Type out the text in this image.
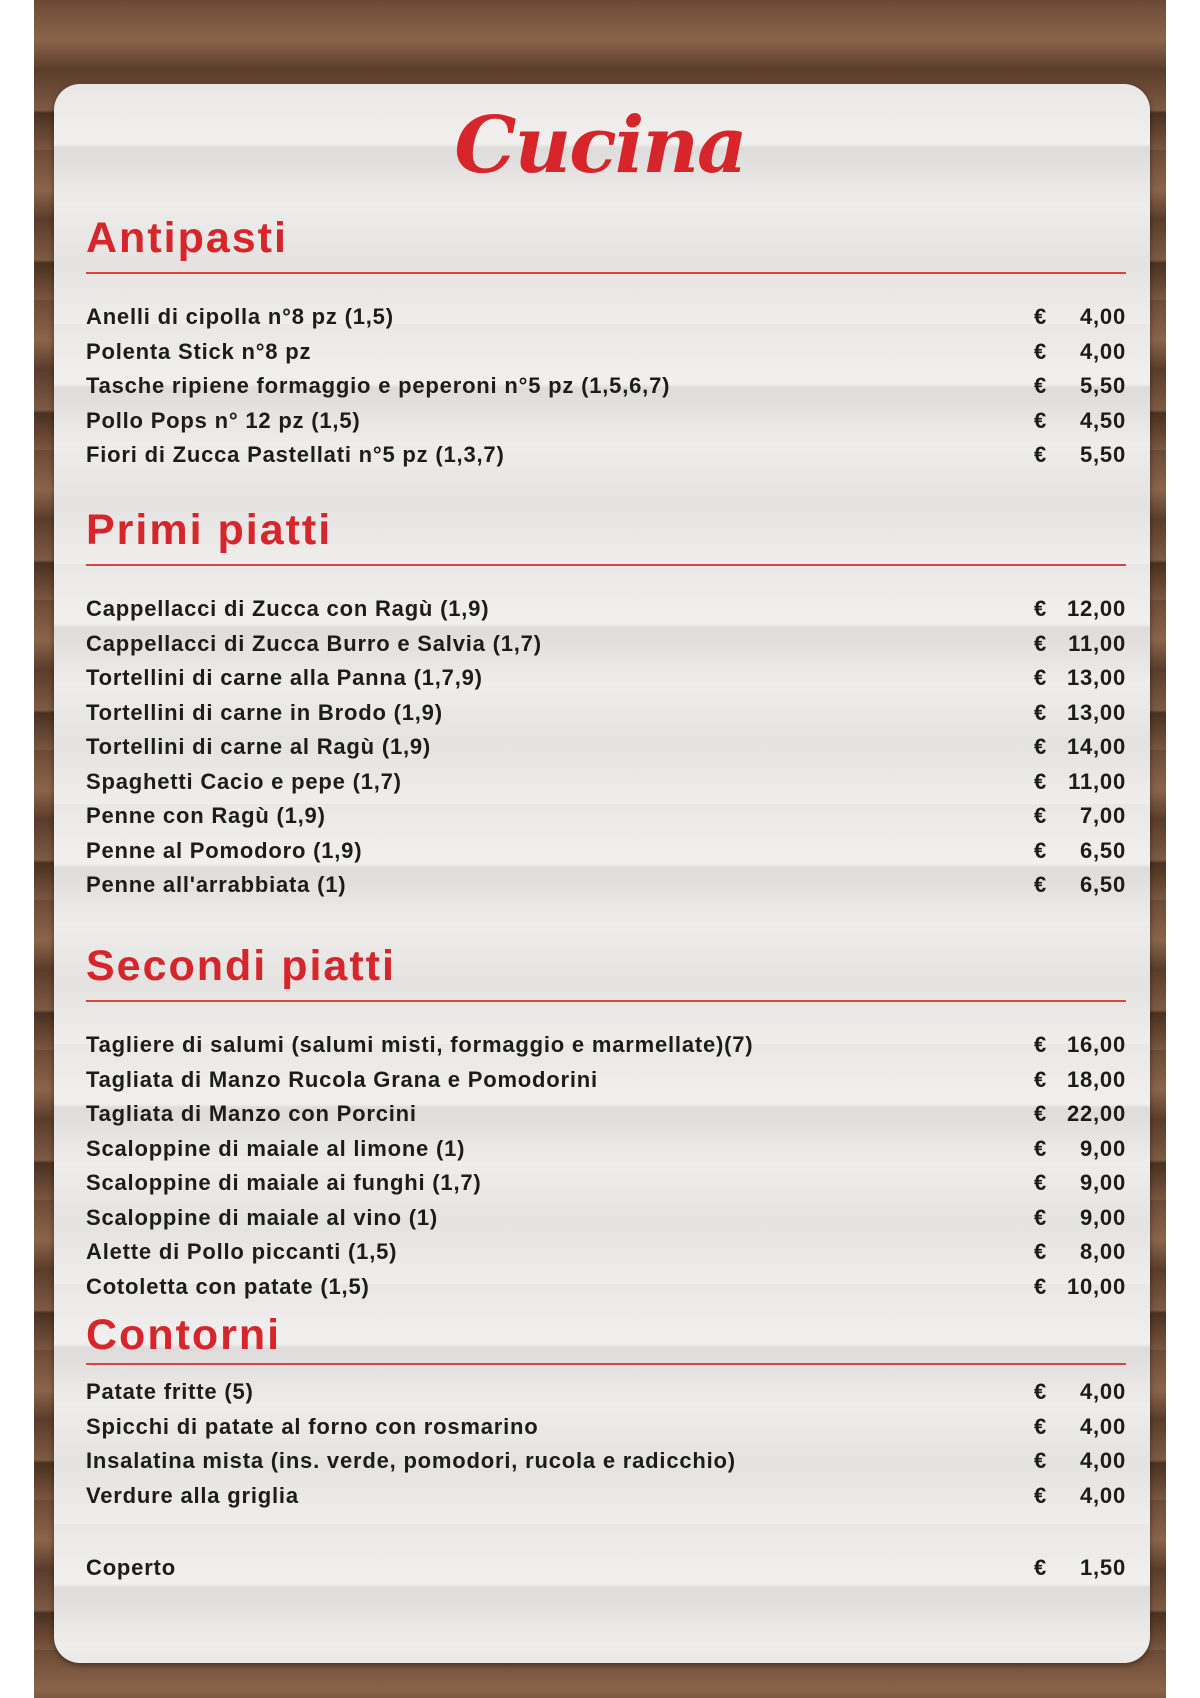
Cucina
Antipasti
Anelli di cipolla n°8 pz (1,5)	€	4,00
Polenta Stick n°8 pz	€	4,00
Tasche ripiene formaggio e peperoni n°5 pz (1,5,6,7)	€	5,50
Pollo Pops n° 12 pz (1,5)	€	4,50
Fiori di Zucca Pastellati n°5 pz (1,3,7)	€	5,50
Primi piatti
Cappellacci di Zucca con Ragù (1,9)	€ 12,00
Cappellacci di Zucca Burro e Salvia (1,7)	€ 11,00
Tortellini di carne alla Panna (1,7,9)	€ 13,00
Tortellini di carne in Brodo (1,9)	€ 13,00
Tortellini di carne al Ragù (1,9)	€ 14,00
Spaghetti Cacio e pepe (1,7)	€ 11,00
Penne con Ragù (1,9)	€	7,00
Penne al Pomodoro (1,9)	€	6,50
Penne all'arrabbiata (1)	€	6,50
Secondi piatti
Tagliere di salumi (salumi misti, formaggio e marmellate)(7)	€ 16,00
Tagliata di Manzo Rucola Grana e Pomodorini	€ 18,00
Tagliata di Manzo con Porcini	€ 22,00
Scaloppine di maiale al limone (1)	€	9,00
Scaloppine di maiale ai funghi (1,7)	€	9,00
Scaloppine di maiale al vino (1)	€	9,00
Alette di Pollo piccanti (1,5)	€	8,00
Cotoletta con patate (1,5)	€ 10,00
Contorni
Patate fritte (5)	€	4,00
Spicchi di patate al forno con rosmarino	€	4,00
Insalatina mista (ins. verde, pomodori, rucola e radicchio)	€	4,00
Verdure alla griglia	€	4,00
Coperto	€	1,50
